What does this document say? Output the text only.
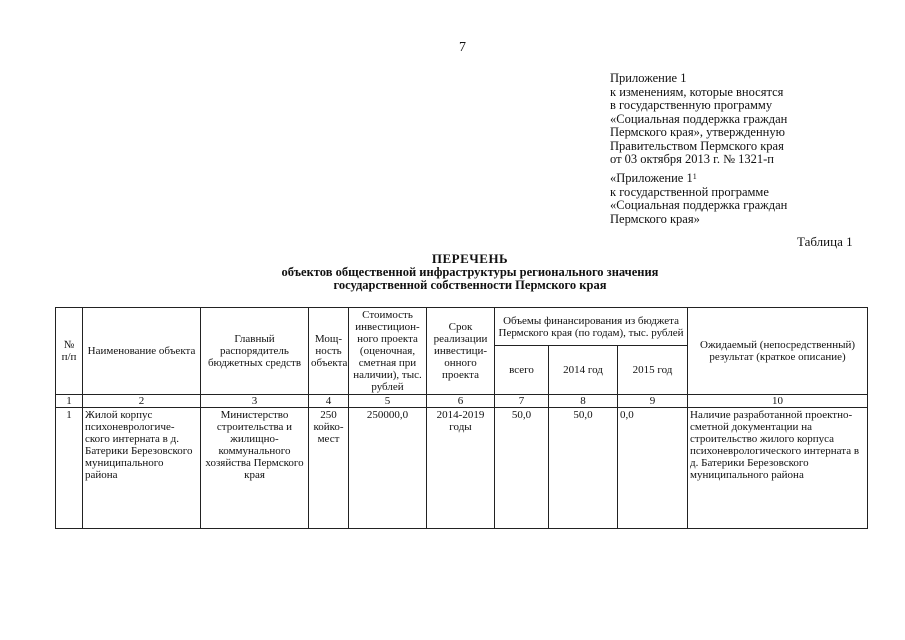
7
Приложение 1
к изменениям, которые вносятся
в государственную программу
«Социальная поддержка граждан
Пермского края», утвержденную
Правительством Пермского края
от 03 октября 2013 г. № 1321-п
«Приложение $1^1$
к государственной программе
«Социальная поддержка граждан
Пермского края»
Таблица 1
ПЕРЕЧЕНЬ
объектов общественной инфраструктуры регионального значения
государственной собственности Пермского края
№ п/п	Наименование объекта	Главный распорядитель бюджетных средств	Мощ-ность объекта	Стоимость инвестицион-ного проекта (оценочная, сметная при наличии), тыс. рублей	Срок реализации инвестици-онного проекта	Объемы финансирования из бюджета Пермского края (по годам), тыс. рублей			Ожидаемый (непосредственный) результат (краткое описание)
						всего	2014 год	2015 год	
1	2	3	4	5	6	7	8	9	10
1	Жилой корпус психоневрологиче-ского интерната в д. Батерики Березовского муниципального района	Министерство строительства и жилищно-коммунального хозяйства Пермского края	250 койко-мест	250000,0	2014-2019 годы	50,0	50,0	0,0	Наличие разработанной проектно-сметной документации на строительство жилого корпуса психоневрологического интерната в д. Батерики Березовского муниципального района
